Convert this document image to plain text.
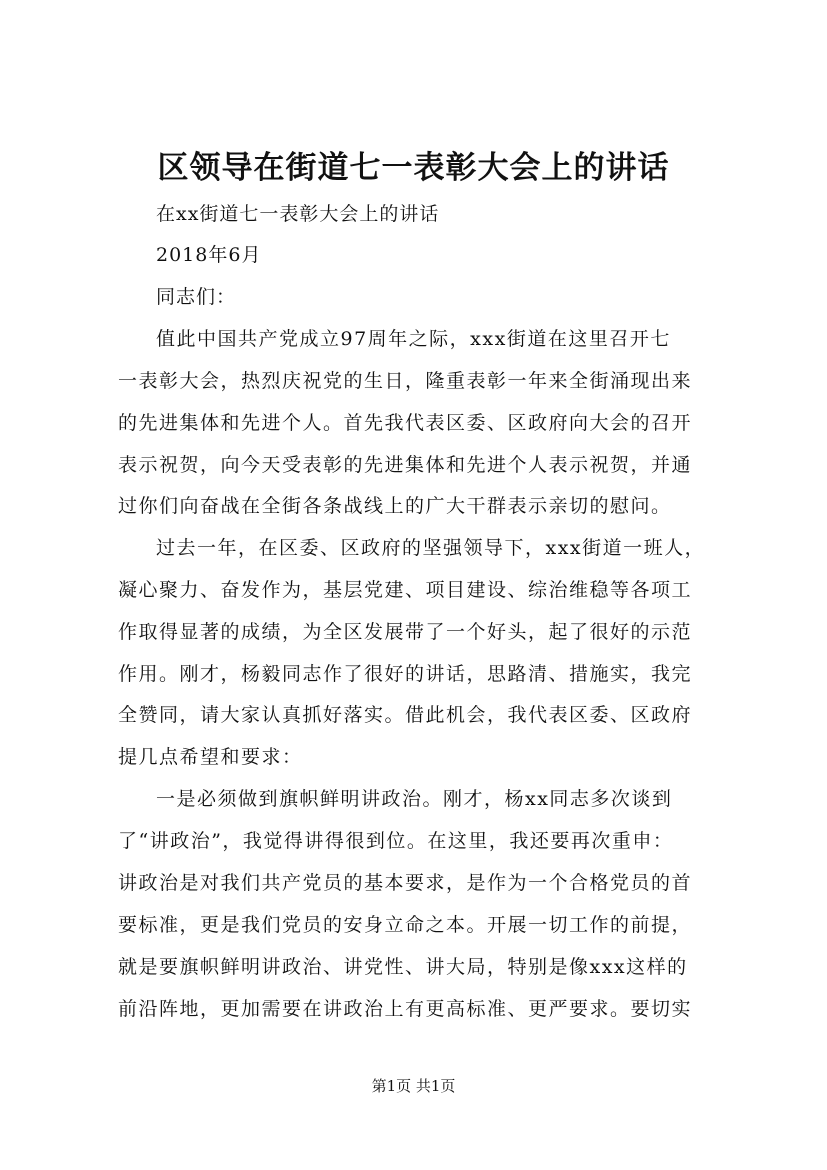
区领导在街道七一表彰大会上的讲话
在xx街道七一表彰大会上的讲话
2018年6月
同志们：
值此中国共产党成立97周年之际，xxx街道在这里召开七
一表彰大会，热烈庆祝党的生日，隆重表彰一年来全街涌现出来
的先进集体和先进个人。首先我代表区委、区政府向大会的召开
表示祝贺，向今天受表彰的先进集体和先进个人表示祝贺，并通
过你们向奋战在全街各条战线上的广大干群表示亲切的慰问。
过去一年，在区委、区政府的坚强领导下，xxx街道一班人，
凝心聚力、奋发作为，基层党建、项目建设、综治维稳等各项工
作取得显著的成绩，为全区发展带了一个好头，起了很好的示范
作用。刚才，杨毅同志作了很好的讲话，思路清、措施实，我完
全赞同，请大家认真抓好落实。借此机会，我代表区委、区政府
提几点希望和要求：
一是必须做到旗帜鲜明讲政治。刚才，杨xx同志多次谈到
了“讲政治”，我觉得讲得很到位。在这里，我还要再次重申：
讲政治是对我们共产党员的基本要求，是作为一个合格党员的首
要标准，更是我们党员的安身立命之本。开展一切工作的前提，
就是要旗帜鲜明讲政治、讲党性、讲大局，特别是像xxx这样的
前沿阵地，更加需要在讲政治上有更高标准、更严要求。要切实
第1页 共1页
